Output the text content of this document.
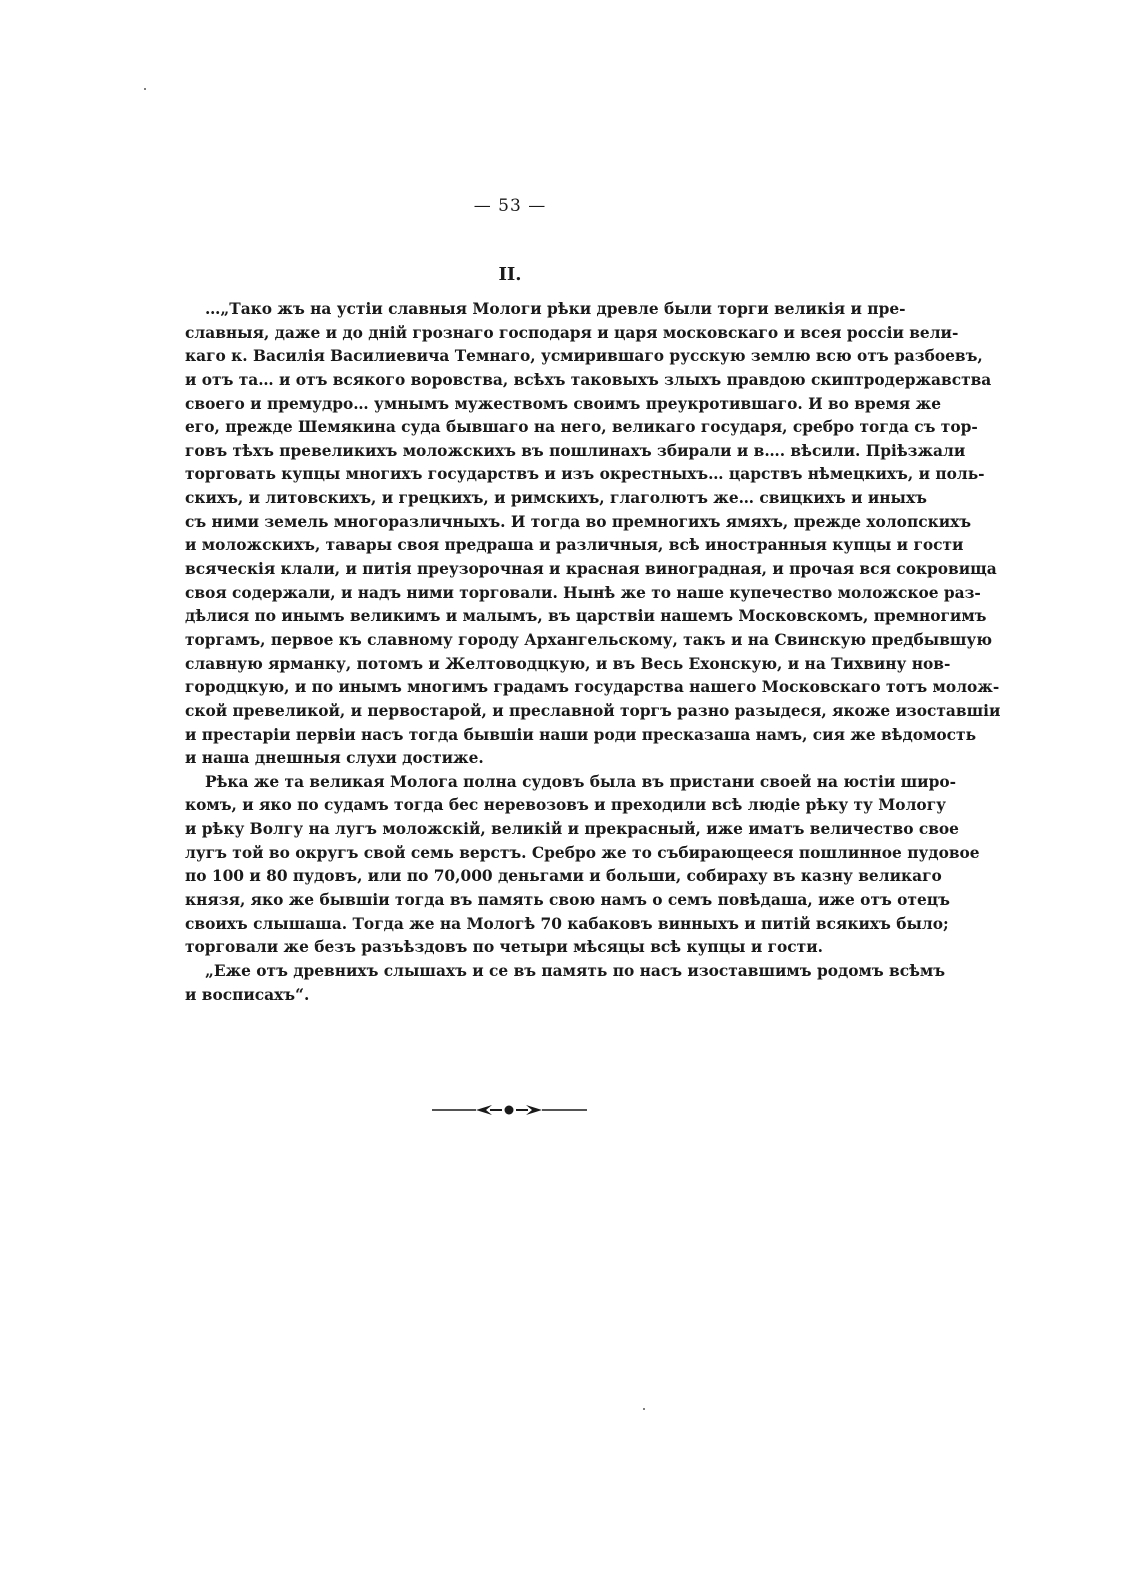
— 53 —
II.
…„Тако жъ на устіи славныя Мологи рѣки древле были торги великія и пре-
славныя, даже и до дній грознаго господаря и царя московскаго и всея россіи вели-
каго к. Василія Василиевича Темнаго, усмирившаго русскую землю всю отъ разбоевъ,
и отъ та… и отъ всякого воровства, всѣхъ таковыхъ злыхъ правдою скиптродержавства
своего и премудро… умнымъ мужествомъ своимъ преукротившаго. И во время же
его, прежде Шемякина суда бывшаго на него, великаго государя, сребро тогда съ тор-
говъ тѣхъ превеликихъ моложскихъ въ пошлинахъ збирали и в…. вѣсили. Пріѣзжали
торговать купцы многихъ государствъ и изъ окрестныхъ… царствъ нѣмецкихъ, и поль-
скихъ, и литовскихъ, и грецкихъ, и римскихъ, глаголютъ же… свицкихъ и иныхъ
съ ними земель многоразличныхъ. И тогда во премногихъ ямяхъ, прежде холопскихъ
и моложскихъ, тавары своя предраша и различныя, всѣ иностранныя купцы и гости
всяческія клали, и питія преузорочная и красная виноградная, и прочая вся сокровища
своя содержали, и надъ ними торговали. Нынѣ же то наше купечество моложское раз-
дѣлися по инымъ великимъ и малымъ, въ царствіи нашемъ Московскомъ, премногимъ
торгамъ, первое къ славному городу Архангельскому, такъ и на Свинскую предбывшую
славную ярманку, потомъ и Желтоводцкую, и въ Весь Ехонскую, и на Тихвину нов-
городцкую, и по инымъ многимъ градамъ государства нашего Московскаго тотъ молож-
ской превеликой, и первостарой, и преславной торгъ разно разыдеся, якоже изоставшіи
и престаріи первіи насъ тогда бывшіи наши роди пресказаша намъ, сия же вѣдомость
и наша днешныя слухи достиже.
Рѣка же та великая Молога полна судовъ была въ пристани своей на юстіи широ-
комъ, и яко по судамъ тогда бес неревозовъ и преходили всѣ людіе рѣку ту Мологу
и рѣку Волгу на лугъ моложскій, великій и прекрасный, иже иматъ величество свое
лугъ той во округъ свой семь верстъ. Сребро же то събирающееся пошлинное пудовое
по 100 и 80 пудовъ, или по 70,000 деньгами и больши, собираху въ казну великаго
князя, яко же бывшіи тогда въ память свою намъ о семъ повѣдаша, иже отъ отецъ
своихъ слышаша. Тогда же на Мологѣ 70 кабаковъ винныхъ и питій всякихъ было;
торговали же безъ разъѣздовъ по четыри мѣсяцы всѣ купцы и гости.
„Еже отъ древнихъ слышахъ и се въ память по насъ изоставшимъ родомъ всѣмъ
и восписахъ“.
